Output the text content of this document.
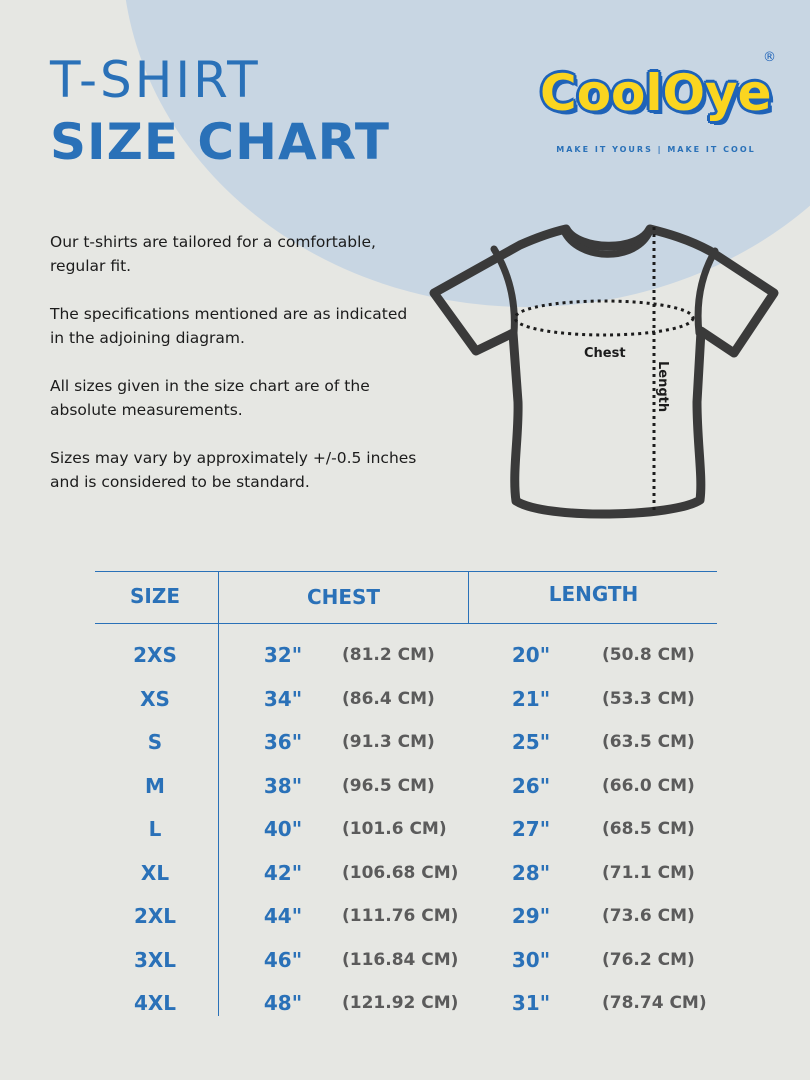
T-SHIRT
SIZE CHART
CoolOye
®
MAKE IT YOURS | MAKE IT COOL

Our t-shirts are tailored for a comfortable, regular fit.

The specifications mentioned are as indicated in the adjoining diagram.

All sizes given in the size chart are of the absolute measurements.

Sizes may vary by approximately +/-0.5 inches and is considered to be standard.

Chest
Length
SIZE	CHEST	LENGTH
2XS	32"	(81.2 CM)	20"	(50.8 CM)
XS	34"	(86.4 CM)	21"	(53.3 CM)
S	36"	(91.3 CM)	25"	(63.5 CM)
M	38"	(96.5 CM)	26"	(66.0 CM)
L	40"	(101.6 CM)	27"	(68.5 CM)
XL	42"	(106.68 CM)	28"	(71.1 CM)
2XL	44"	(111.76 CM)	29"	(73.6 CM)
3XL	46"	(116.84 CM)	30"	(76.2 CM)
4XL	48"	(121.92 CM)	31"	(78.74 CM)
